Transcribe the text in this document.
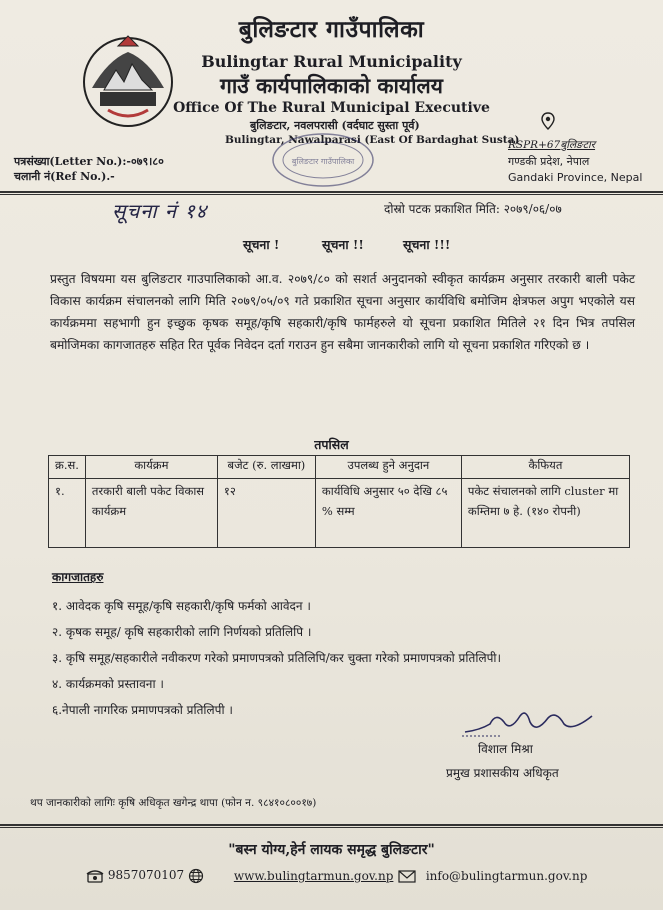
बुलिङटार गाउँपालिका
Bulingtar Rural Municipality
गाउँ कार्यपालिकाको कार्यालय
Office Of The Rural Municipal Executive
बुलिङटार, नवलपरासी (वर्दघाट सुस्ता पूर्व)
Bulingtar, Nawalparasi (East Of Bardaghat Susta)
बुलिङटार गाउँपालिका
पत्रसंख्या(Letter No.):-०७९।८०
चलानी नं(Ref No.).-
RSPR+67बुलिङटार
गण्डकी प्रदेश, नेपाल
Gandaki Province, Nepal
सूचना नं १४	दोस्रो पटक प्रकाशित मिति: २०७९/०६/०७
सूचना !	सूचना !!	सूचना !!!
प्रस्तुत विषयमा यस बुलिङटार गाउपालिकाको आ.व. २०७९/८० को सशर्त अनुदानको स्वीकृत कार्यक्रम अनुसार तरकारी बाली पकेट विकास कार्यक्रम संचालनको लागि मिति २०७९/०५/०९ गते प्रकाशित सूचना अनुसार कार्यविधि बमोजिम क्षेत्रफल अपुग भएकोले यस कार्यक्रममा सहभागी हुन इच्छुक कृषक समूह/कृषि सहकारी/कृषि फार्महरुले यो सूचना प्रकाशित मितिले २१ दिन भित्र तपसिल बमोजिमका कागजातहरु सहित रित पूर्वक निवेदन दर्ता गराउन हुन सबैमा जानकारीको लागि यो सूचना प्रकाशित गरिएको छ ।
तपसिल
क्र.स.	कार्यक्रम	बजेट (रु. लाखमा)	उपलब्ध हुने अनुदान	कैफियत
१.	तरकारी बाली पकेट विकास कार्यक्रम	१२	कार्यविधि अनुसार ५० देखि ८५ % सम्म	पकेट संचालनको लागि cluster मा कम्तिमा ७ हे. (१४० रोपनी)
कागजातहरु
१. आवेदक कृषि समूह/कृषि सहकारी/कृषि फर्मको आवेदन ।
२. कृषक समूह/ कृषि सहकारीको लागि निर्णयको प्रतिलिपि ।
३. कृषि समूह/सहकारीले नवीकरण गरेको प्रमाणपत्रको प्रतिलिपि/कर चुक्ता गरेको प्रमाणपत्रको प्रतिलिपी।
४. कार्यक्रमको प्रस्तावना ।
६.नेपाली नागरिक प्रमाणपत्रको प्रतिलिपी ।
विशाल मिश्रा
प्रमुख प्रशासकीय अधिकृत
थप जानकारीको लागिः कृषि अधिकृत खगेन्द्र थापा (फोन न. ९८४१०८००१७)
"बस्न योग्य,हेर्न लायक समृद्ध बुलिङटार"
9857070107	www.bulingtarmun.gov.np	info@bulingtarmun.gov.np
